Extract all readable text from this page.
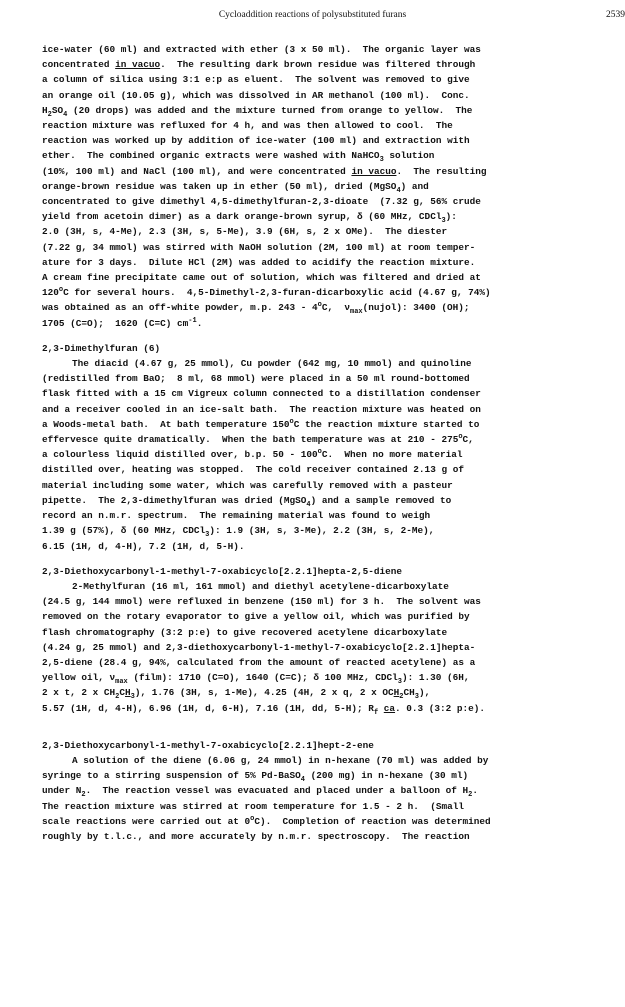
Cycloaddition reactions of polysubstituted furans	2539
ice-water (60 ml) and extracted with ether (3 x 50 ml).  The organic layer was
concentrated in vacuo.  The resulting dark brown residue was filtered through
a column of silica using 3:1 e:p as eluent.  The solvent was removed to give
an orange oil (10.05 g), which was dissolved in AR methanol (100 ml).  Conc.
$H_2SO_4$ (20 drops) was added and the mixture turned from orange to yellow.  The
reaction mixture was refluxed for 4 h, and was then allowed to cool.  The
reaction was worked up by addition of ice-water (100 ml) and extraction with
ether.  The combined organic extracts were washed with NaHCO$_3$ solution
(10%, 100 ml) and NaCl (100 ml), and were concentrated in vacuo.  The resulting
orange-brown residue was taken up in ether (50 ml), dried (MgSO$_4$) and
concentrated to give dimethyl 4,5-dimethylfuran-2,3-dioate  (7.32 g, 56% crude
yield from acetoin dimer) as a dark orange-brown syrup, δ (60 MHz, CDCl$_3$):
2.0 (3H, s, 4-Me), 2.3 (3H, s, 5-Me), 3.9 (6H, s, 2 x OMe).  The diester
(7.22 g, 34 mmol) was stirred with NaOH solution (2M, 100 ml) at room temper-
ature for 3 days.  Dilute HCl (2M) was added to acidify the reaction mixture.
A cream fine precipitate came out of solution, which was filtered and dried at
120$^o$C for several hours.  4,5-Dimethyl-2,3-furan-dicarboxylic acid (4.67 g, 74%)
was obtained as an off-white powder, m.p. 243 - 4$^o$C,  $\nu_{max}(nujol)$: 3400 (OH);
1705 (C=O);  1620 (C=C) $cm^{-1}$.
2,3-Dimethylfuran (6)
The diacid (4.67 g, 25 mmol), Cu powder (642 mg, 10 mmol) and quinoline
(redistilled from BaO;  8 ml, 68 mmol) were placed in a 50 ml round-bottomed
flask fitted with a 15 cm Vigreux column connected to a distillation condenser
and a receiver cooled in an ice-salt bath.  The reaction mixture was heated on
a Woods-metal bath.  At bath temperature 150$^o$C the reaction mixture started to
effervesce quite dramatically.  When the bath temperature was at 210 - 275$^o$C,
a colourless liquid distilled over, b.p. 50 - 100$^o$C.  When no more material
distilled over, heating was stopped.  The cold receiver contained 2.13 g of
material including some water, which was carefully removed with a pasteur
pipette.  The 2,3-dimethylfuran was dried (MgSO$_4$) and a sample removed to
record an n.m.r. spectrum.  The remaining material was found to weigh
1.39 g (57%), δ (60 MHz, CDCl$_3$): 1.9 (3H, s, 3-Me), 2.2 (3H, s, 2-Me),
6.15 (1H, d, 4-H), 7.2 (1H, d, 5-H).
2,3-Diethoxycarbonyl-1-methyl-7-oxabicyclo[2.2.1]hepta-2,5-diene
2-Methylfuran (16 ml, 161 mmol) and diethyl acetylene-dicarboxylate
(24.5 g, 144 mmol) were refluxed in benzene (150 ml) for 3 h.  The solvent was
removed on the rotary evaporator to give a yellow oil, which was purified by
flash chromatography (3:2 p:e) to give recovered acetylene dicarboxylate
(4.24 g, 25 mmol) and 2,3-diethoxycarbonyl-1-methyl-7-oxabicyclo[2.2.1]hepta-
2,5-diene (28.4 g, 94%, calculated from the amount of reacted acetylene) as a
yellow oil, $\nu_{max}$ (film): 1710 (C=O), 1640 (C=C); δ 100 MHz, CDCl$_3$): 1.30 (6H,
2 x t, 2 x $CH_2CH_3$), 1.76 (3H, s, 1-Me), 4.25 (4H, 2 x q, 2 x $OCH_2CH_3$),
5.57 (1H, d, 4-H), 6.96 (1H, d, 6-H), 7.16 (1H, dd, 5-H); $R_f$ ca. 0.3 (3:2 p:e).
2,3-Diethoxycarbonyl-1-methyl-7-oxabicyclo[2.2.1]hept-2-ene
A solution of the diene (6.06 g, 24 mmol) in n-hexane (70 ml) was added by
syringe to a stirring suspension of 5% Pd-BaSO$_4$ (200 mg) in n-hexane (30 ml)
under $N_2$.  The reaction vessel was evacuated and placed under a balloon of $H_2$.
The reaction mixture was stirred at room temperature for 1.5 - 2 h.  (Small
scale reactions were carried out at 0$^o$C).  Completion of reaction was determined
roughly by t.l.c., and more accurately by n.m.r. spectroscopy.  The reaction
